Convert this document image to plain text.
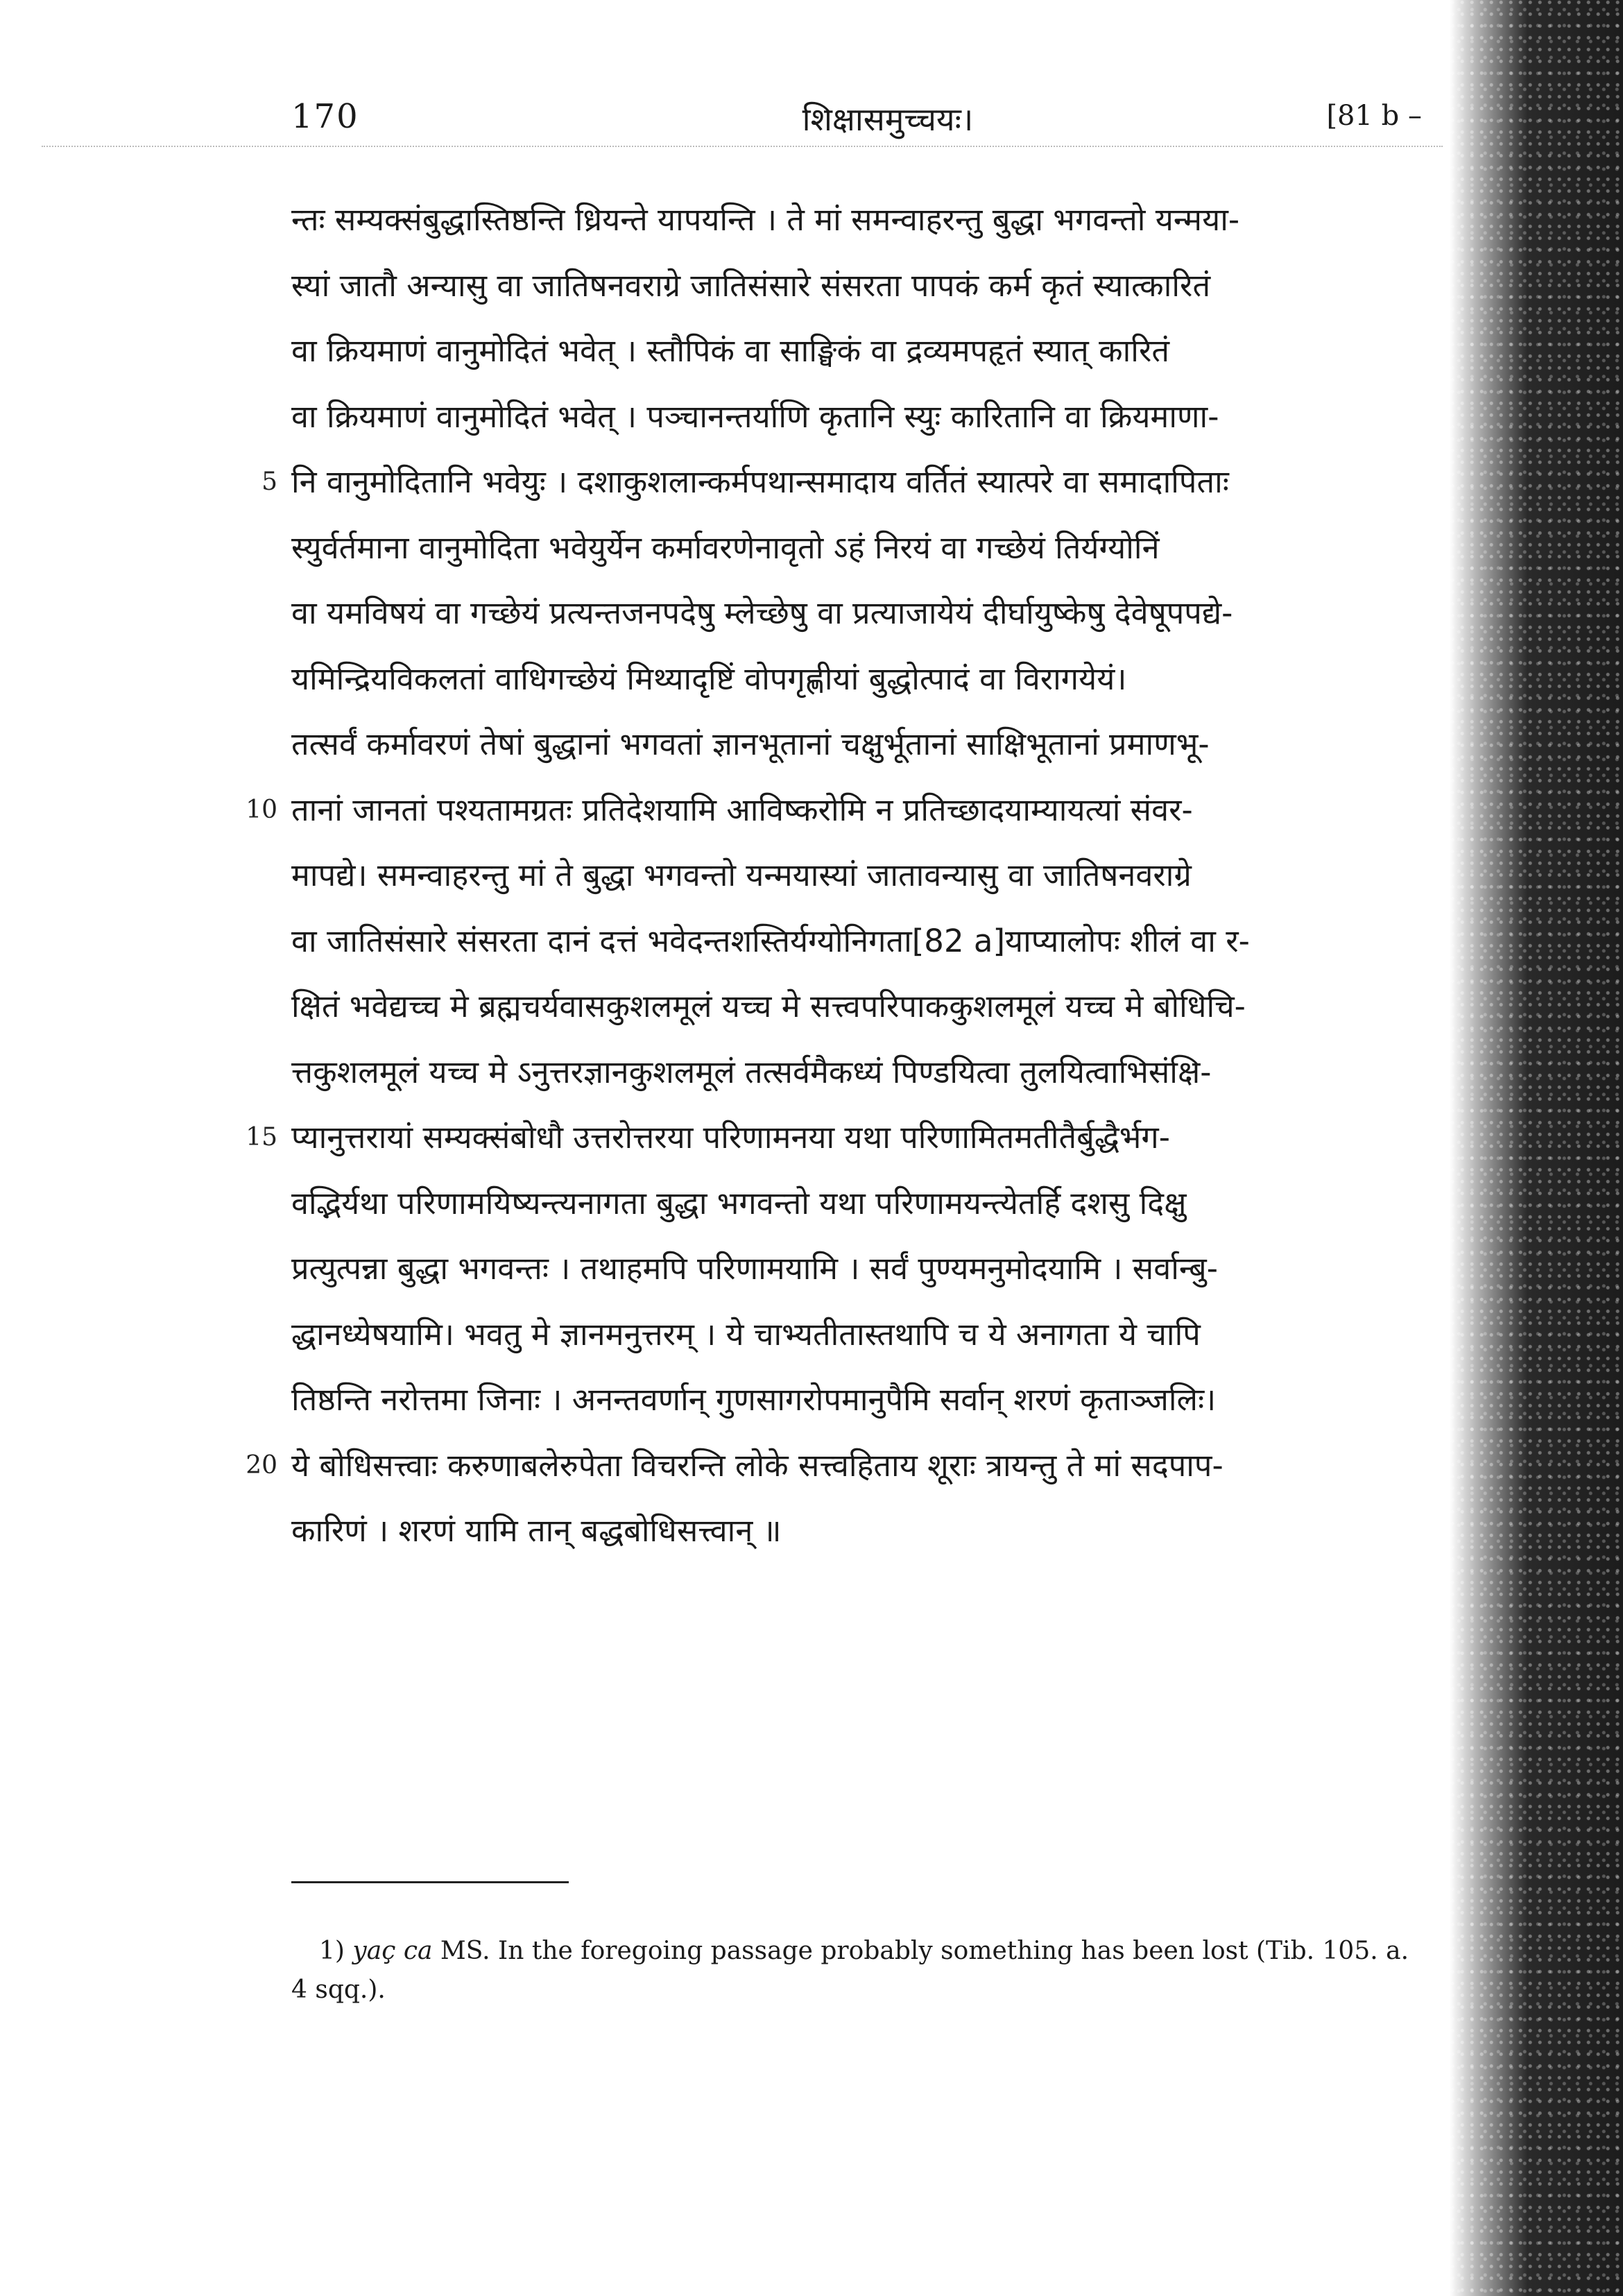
170	शिक्षासमुच्चयः।	[81 b –
न्तः सम्यक्संबुद्धास्तिष्ठन्ति ध्रियन्ते यापयन्ति । ते मां समन्वाहरन्तु बुद्धा भगवन्तो यन्मया-
स्यां जातौ अन्यासु वा जातिषनवराग्रे जातिसंसारे संसरता पापकं कर्म कृतं स्यात्कारितं
वा क्रियमाणं वानुमोदितं भवेत् । स्तौपिकं वा साङ्घिकं वा द्रव्यमपहृतं स्यात् कारितं
वा क्रियमाणं वानुमोदितं भवेत् । पञ्चानन्तर्याणि कृतानि स्युः कारितानि वा क्रियमाणा-
5 नि वानुमोदितानि भवेयुः । दशाकुशलान्कर्मपथान्समादाय वर्तितं स्यात्परे वा समादापिताः
स्युर्वर्तमाना वानुमोदिता भवेयुर्येन कर्मावरणेनावृतो ऽहं निरयं वा गच्छेयं तिर्यग्योनिं
वा यमविषयं वा गच्छेयं प्रत्यन्तजनपदेषु म्लेच्छेषु वा प्रत्याजायेयं दीर्घायुष्केषु देवेषूपपद्ये-
यमिन्द्रियविकलतां वाधिगच्छेयं मिथ्यादृष्टिं वोपगृह्णीयां बुद्धोत्पादं वा विरागयेयं।
तत्सर्वं कर्मावरणं तेषां बुद्धानां भगवतां ज्ञानभूतानां चक्षुर्भूतानां साक्षिभूतानां प्रमाणभू-
10 तानां जानतां पश्यतामग्रतः प्रतिदेशयामि आविष्करोमि न प्रतिच्छादयाम्यायत्यां संवर-
मापद्ये। समन्वाहरन्तु मां ते बुद्धा भगवन्तो यन्मयास्यां जातावन्यासु वा जातिषनवराग्रे
वा जातिसंसारे संसरता दानं दत्तं भवेदन्तशस्तिर्यग्योनिगता[82 a]याप्यालोपः शीलं वा र-
क्षितं भवेद्यच्च मे ब्रह्मचर्यवासकुशलमूलं यच्च मे सत्त्वपरिपाककुशलमूलं यच्च मे बोधिचि-
त्तकुशलमूलं यच्च मे ऽनुत्तरज्ञानकुशलमूलं तत्सर्वमैकध्यं पिण्डयित्वा तुलयित्वाभिसंक्षि-
15 प्यानुत्तरायां सम्यक्संबोधौ उत्तरोत्तरया परिणामनया यथा परिणामितमतीतैर्बुद्धैर्भग-
वद्भिर्यथा परिणामयिष्यन्त्यनागता बुद्धा भगवन्तो यथा परिणामयन्त्येतर्हि दशसु दिक्षु
प्रत्युत्पन्ना बुद्धा भगवन्तः । तथाहमपि परिणामयामि । सर्वं पुण्यमनुमोदयामि । सर्वान्बु-
द्धानध्येषयामि। भवतु मे ज्ञानमनुत्तरम् । ये चाभ्यतीतास्तथापि च ये अनागता ये चापि
तिष्ठन्ति नरोत्तमा जिनाः । अनन्तवर्णान् गुणसागरोपमानुपैमि सर्वान् शरणं कृताञ्जलिः।
20 ये बोधिसत्त्वाः करुणाबलेरुपेता विचरन्ति लोके सत्त्वहिताय शूराः त्रायन्तु ते मां सदपाप-
कारिणं । शरणं यामि तान् बद्धबोधिसत्त्वान् ॥
1) yaç ca MS. In the foregoing passage probably something has been lost (Tib. 105. a. 4 sqq.).
